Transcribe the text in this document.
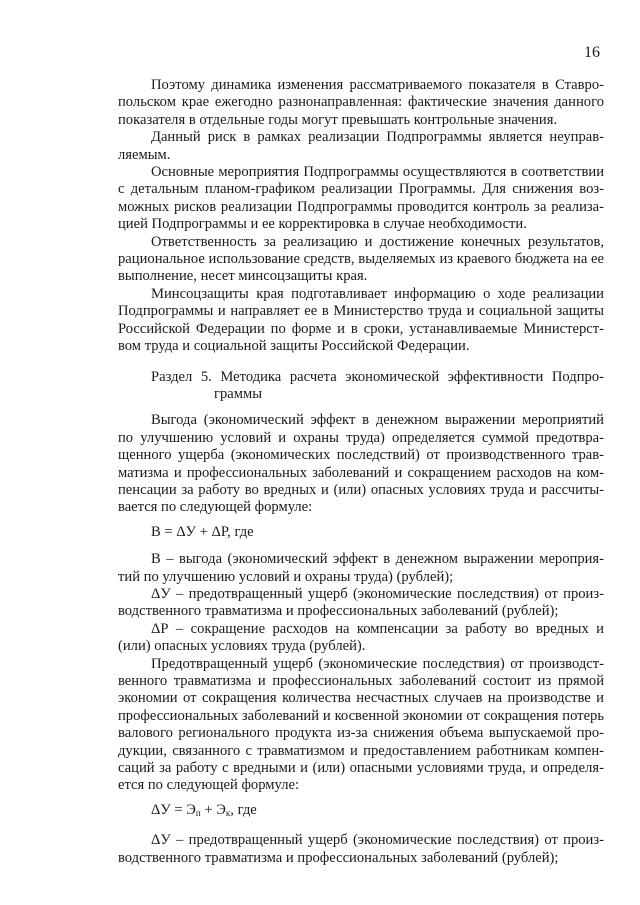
16
Поэтому динамика изменения рассматриваемого показателя в Ставро-
польском крае ежегодно разнонаправленная: фактические значения данного
показателя в отдельные годы могут превышать контрольные значения.
Данный риск в рамках реализации Подпрограммы является неуправ-
ляемым.
Основные мероприятия Подпрограммы осуществляются в соответствии
с детальным планом-графиком реализации Программы. Для снижения воз-
можных рисков реализации Подпрограммы проводится контроль за реализа-
цией Подпрограммы и ее корректировка в случае необходимости.
Ответственность за реализацию и достижение конечных результатов,
рациональное использование средств, выделяемых из краевого бюджета на ее
выполнение, несет минсоцзащиты края.
Минсоцзащиты края подготавливает информацию о ходе реализации
Подпрограммы и направляет ее в Министерство труда и социальной защиты
Российской Федерации по форме и в сроки, устанавливаемые Министерст-
вом труда и социальной защиты Российской Федерации.
Раздел 5. Методика расчета экономической эффективности Подпро-
граммы
Выгода (экономический эффект в денежном выражении мероприятий
по улучшению условий и охраны труда) определяется суммой предотвра-
щенного ущерба (экономических последствий) от производственного трав-
матизма и профессиональных заболеваний и сокращением расходов на ком-
пенсации за работу во вредных и (или) опасных условиях труда и рассчиты-
вается по следующей формуле:
В = ΔУ + ΔР, где
В – выгода (экономический эффект в денежном выражении мероприя-
тий по улучшению условий и охраны труда) (рублей);
ΔУ – предотвращенный ущерб (экономические последствия) от произ-
водственного травматизма и профессиональных заболеваний (рублей);
ΔР – сокращение расходов на компенсации за работу во вредных и
(или) опасных условиях труда (рублей).
Предотвращенный ущерб (экономические последствия) от производст-
венного травматизма и профессиональных заболеваний состоит из прямой
экономии от сокращения количества несчастных случаев на производстве и
профессиональных заболеваний и косвенной экономии от сокращения потерь
валового регионального продукта из-за снижения объема выпускаемой про-
дукции, связанного с травматизмом и предоставлением работникам компен-
саций за работу с вредными и (или) опасными условиями труда, и определя-
ется по следующей формуле:
$\Delta У = Э_п + Э_к$, где
ΔУ – предотвращенный ущерб (экономические последствия) от произ-
водственного травматизма и профессиональных заболеваний (рублей);
